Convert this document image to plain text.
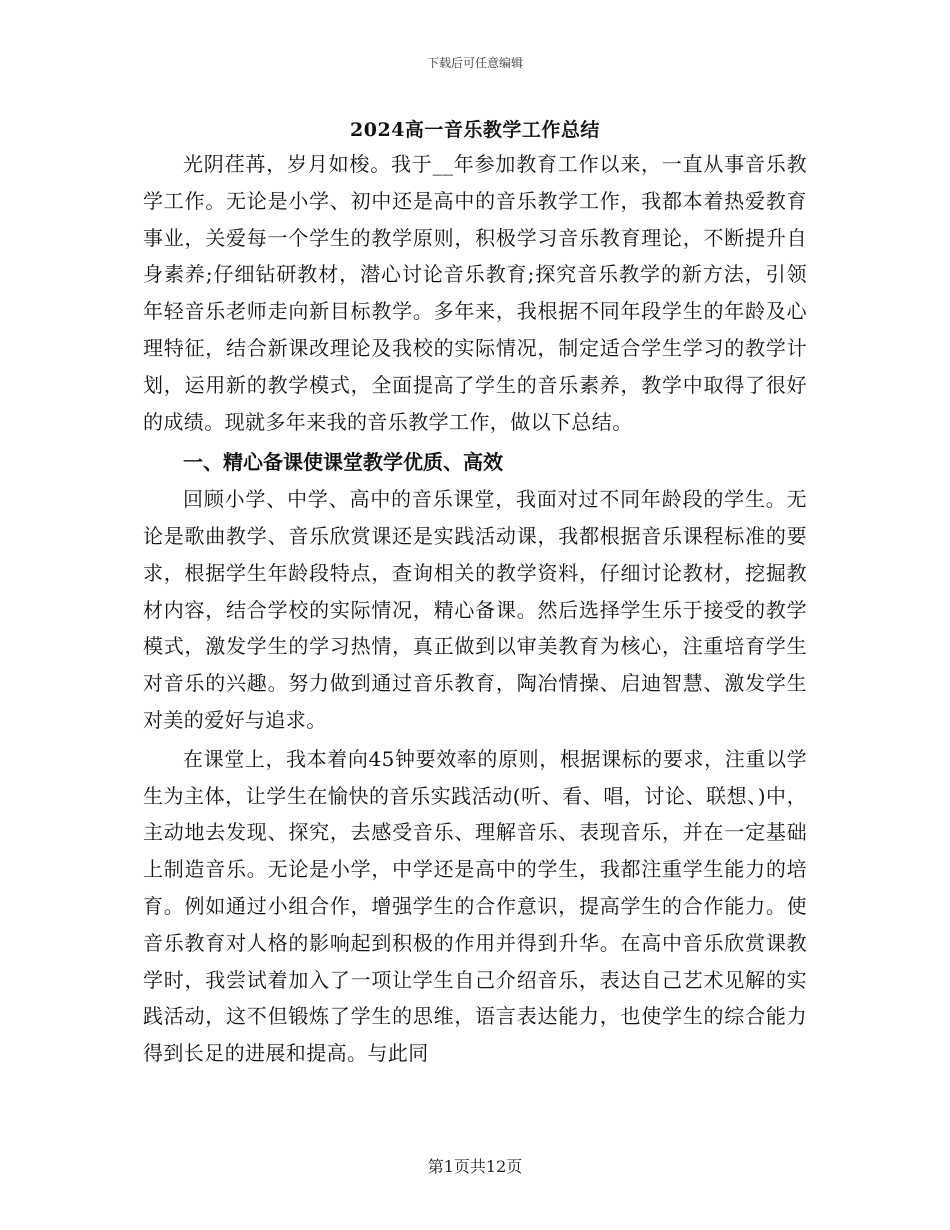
下载后可任意编辑
2024高一音乐教学工作总结

光阴荏苒，岁月如梭。我于__年参加教育工作以来，一直从事音乐教学工作。无论是小学、初中还是高中的音乐教学工作，我都本着热爱教育事业，关爱每一个学生的教学原则，积极学习音乐教育理论，不断提升自身素养;仔细钻研教材，潜心讨论音乐教育;探究音乐教学的新方法，引领年轻音乐老师走向新目标教学。多年来，我根据不同年段学生的年龄及心理特征，结合新课改理论及我校的实际情况，制定适合学生学习的教学计划，运用新的教学模式，全面提高了学生的音乐素养，教学中取得了很好的成绩。现就多年来我的音乐教学工作，做以下总结。

一、精心备课使课堂教学优质、高效

回顾小学、中学、高中的音乐课堂，我面对过不同年龄段的学生。无论是歌曲教学、音乐欣赏课还是实践活动课，我都根据音乐课程标准的要求，根据学生年龄段特点，查询相关的教学资料，仔细讨论教材，挖掘教材内容，结合学校的实际情况，精心备课。然后选择学生乐于接受的教学模式，激发学生的学习热情，真正做到以审美教育为核心，注重培育学生对音乐的兴趣。努力做到通过音乐教育，陶冶情操、启迪智慧、激发学生对美的爱好与追求。

在课堂上，我本着向45钟要效率的原则，根据课标的要求，注重以学生为主体，让学生在愉快的音乐实践活动(听、看、唱，讨论、联想、)中，主动地去发现、探究，去感受音乐、理解音乐、表现音乐，并在一定基础上制造音乐。无论是小学，中学还是高中的学生，我都注重学生能力的培育。例如通过小组合作，增强学生的合作意识，提高学生的合作能力。使音乐教育对人格的影响起到积极的作用并得到升华。在高中音乐欣赏课教学时，我尝试着加入了一项让学生自己介绍音乐，表达自己艺术见解的实践活动，这不但锻炼了学生的思维，语言表达能力，也使学生的综合能力得到长足的进展和提高。与此同

第1页共12页
